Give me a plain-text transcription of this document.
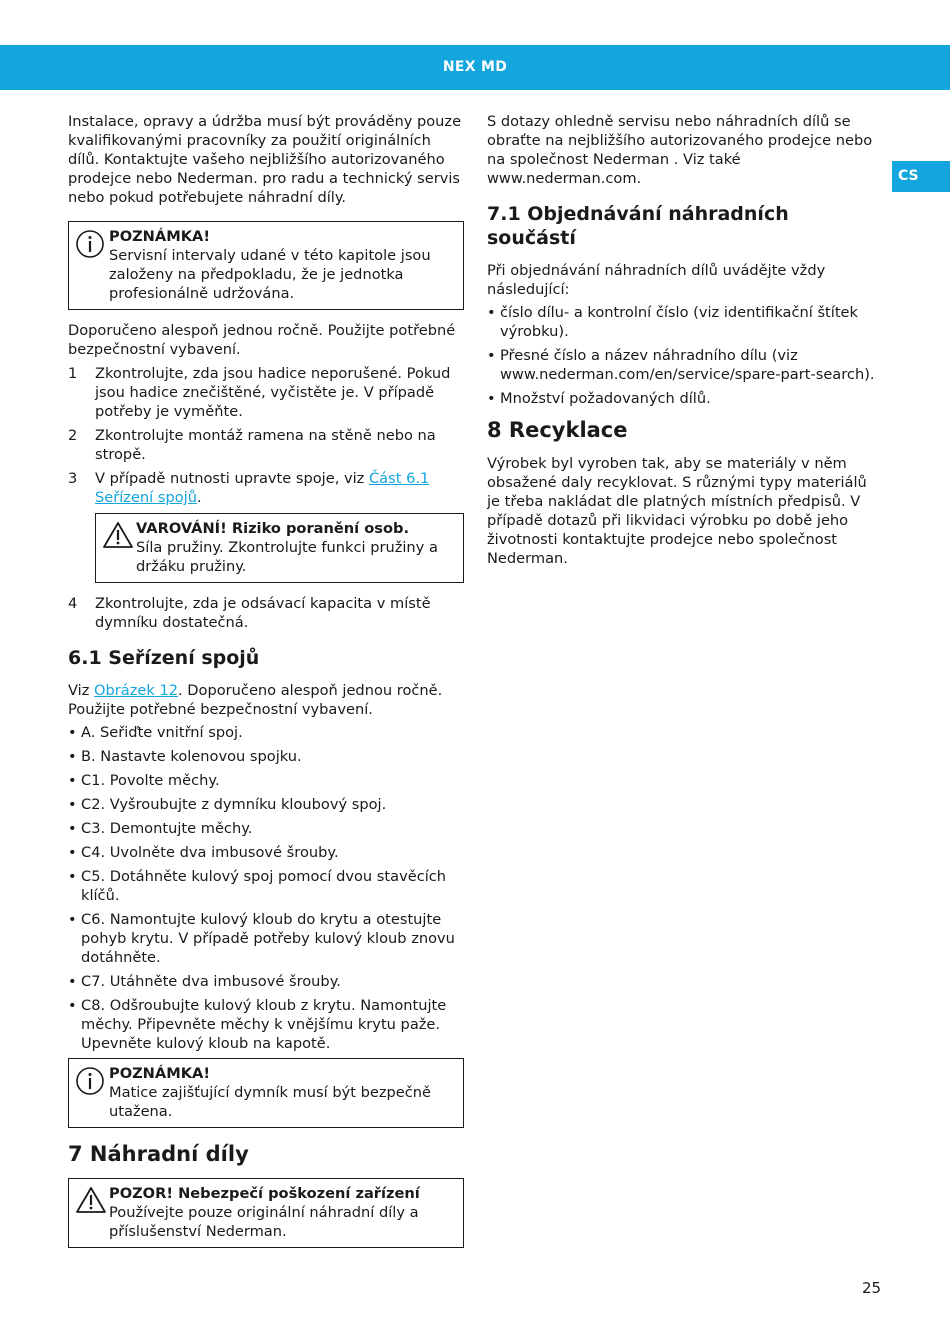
NEX MD
CS

Instalace, opravy a údržba musí být prováděny pouze kvalifikovanými pracovníky za použití originálních dílů. Kontaktujte vašeho nejbližšího autorizovaného prodejce nebo Nederman. pro radu a technický servis nebo pokud potřebujete náhradní díly.

POZNÁMKA!
Servisní intervaly udané v této kapitole jsou založeny na předpokladu, že je jednotka profesionálně udržována.

Doporučeno alespoň jednou ročně. Použijte potřebné bezpečnostní vybavení.

1	Zkontrolujte, zda jsou hadice neporušené. Pokud jsou hadice znečištěné, vyčistěte je. V případě potřeby je vyměňte.
2	Zkontrolujte montáž ramena na stěně nebo na stropě.
3	V případě nutnosti upravte spoje, viz Část 6.1 Seřízení spojů.
VAROVÁNÍ! Riziko poranění osob.
Síla pružiny. Zkontrolujte funkci pružiny a držáku pružiny.
4	Zkontrolujte, zda je odsávací kapacita v místě dymníku dostatečná.
6.1 Seřízení spojů

Viz Obrázek 12. Doporučeno alespoň jednou ročně. Použijte potřebné bezpečnostní vybavení.

• A. Seřiďte vnitřní spoj.
• B. Nastavte kolenovou spojku.
• C1. Povolte měchy.
• C2. Vyšroubujte z dymníku kloubový spoj.
• C3. Demontujte měchy.
• C4. Uvolněte dva imbusové šrouby.
• C5. Dotáhněte kulový spoj pomocí dvou stavěcích klíčů.
• C6. Namontujte kulový kloub do krytu a otestujte pohyb krytu. V případě potřeby kulový kloub znovu dotáhněte.
• C7. Utáhněte dva imbusové šrouby.
• C8. Odšroubujte kulový kloub z krytu. Namontujte měchy. Připevněte měchy k vnějšímu krytu paže. Upevněte kulový kloub na kapotě.
POZNÁMKA!
Matice zajišťující dymník musí být bezpečně utažena.
7 Náhradní díly
POZOR! Nebezpečí poškození zařízení
Používejte pouze originální náhradní díly a příslušenství Nederman.

S dotazy ohledně servisu nebo náhradních dílů se obraťte na nejbližšího autorizovaného prodejce nebo na společnost Nederman . Viz také www.nederman.com.

7.1 Objednávání náhradních součástí

Při objednávání náhradních dílů uvádějte vždy následující:

• číslo dílu- a kontrolní číslo (viz identifikační štítek výrobku).
• Přesné číslo a název náhradního dílu (viz www.nederman.com/en/service/spare-part-search).
• Množství požadovaných dílů.
8 Recyklace

Výrobek byl vyroben tak, aby se materiály v něm obsažené daly recyklovat. S různými typy materiálů je třeba nakládat dle platných místních předpisů. V případě dotazů při likvidaci výrobku po době jeho životnosti kontaktujte prodejce nebo společnost Nederman.

25
